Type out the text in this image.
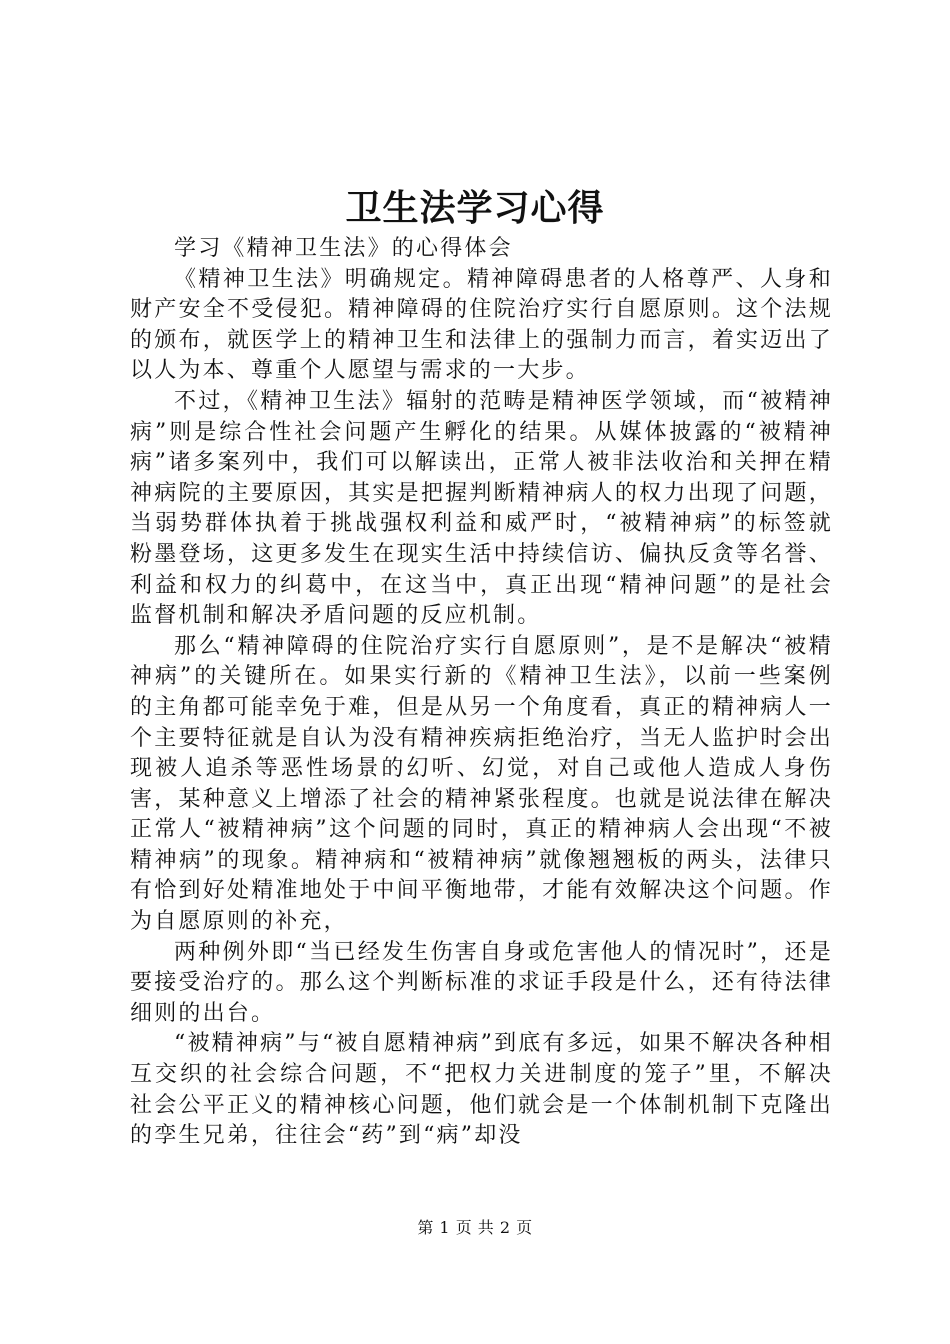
卫生法学习心得

学习《精神卫生法》的心得体会

《精神卫生法》明确规定。精神障碍患者的人格尊严、人身和财产安全不受侵犯。精神障碍的住院治疗实行自愿原则。这个法规的颁布，就医学上的精神卫生和法律上的强制力而言，着实迈出了以人为本、尊重个人愿望与需求的一大步。

不过，《精神卫生法》辐射的范畴是精神医学领域，而“被精神病”则是综合性社会问题产生孵化的结果。从媒体披露的“被精神病”诸多案列中，我们可以解读出，正常人被非法收治和关押在精神病院的主要原因，其实是把握判断精神病人的权力出现了问题，当弱势群体执着于挑战强权利益和威严时，“被精神病”的标签就粉墨登场，这更多发生在现实生活中持续信访、偏执反贪等名誉、利益和权力的纠葛中，在这当中，真正出现“精神问题”的是社会监督机制和解决矛盾问题的反应机制。

那么“精神障碍的住院治疗实行自愿原则”，是不是解决“被精神病”的关键所在。如果实行新的《精神卫生法》，以前一些案例的主角都可能幸免于难，但是从另一个角度看，真正的精神病人一个主要特征就是自认为没有精神疾病拒绝治疗，当无人监护时会出现被人追杀等恶性场景的幻听、幻觉，对自己或他人造成人身伤害，某种意义上增添了社会的精神紧张程度。也就是说法律在解决正常人“被精神病”这个问题的同时，真正的精神病人会出现“不被精神病”的现象。精神病和“被精神病”就像翘翘板的两头，法律只有恰到好处精准地处于中间平衡地带，才能有效解决这个问题。作为自愿原则的补充，

两种例外即“当已经发生伤害自身或危害他人的情况时”，还是要接受治疗的。那么这个判断标准的求证手段是什么，还有待法律细则的出台。

“被精神病”与“被自愿精神病”到底有多远，如果不解决各种相互交织的社会综合问题，不“把权力关进制度的笼子”里，不解决社会公平正义的精神核心问题，他们就会是一个体制机制下克隆出的孪生兄弟，往往会“药”到“病”却没

第 1 页 共 2 页
